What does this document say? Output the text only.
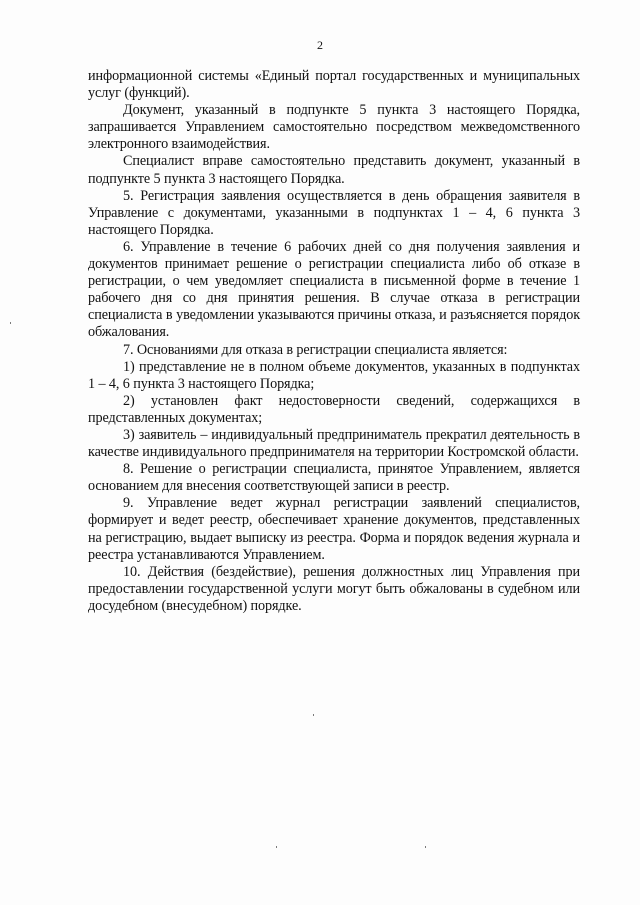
2

информационной системы «Единый портал государственных и муниципальных услуг (функций).

Документ, указанный в подпункте 5 пункта 3 настоящего Порядка, запрашивается Управлением самостоятельно посредством межведомственного электронного взаимодействия.

Специалист вправе самостоятельно представить документ, указанный в подпункте 5 пункта 3 настоящего Порядка.

5. Регистрация заявления осуществляется в день обращения заявителя в Управление с документами, указанными в подпунктах 1 – 4, 6 пункта 3 настоящего Порядка.

6. Управление в течение 6 рабочих дней со дня получения заявления и документов принимает решение о регистрации специалиста либо об отказе в регистрации, о чем уведомляет специалиста в письменной форме в течение 1 рабочего дня со дня принятия решения. В случае отказа в регистрации специалиста в уведомлении указываются причины отказа, и разъясняется порядок обжалования.

7. Основаниями для отказа в регистрации специалиста является:

1) представление не в полном объеме документов, указанных в подпунктах 1 – 4, 6 пункта 3 настоящего Порядка;

2) установлен факт недостоверности сведений, содержащихся в представленных документах;

3) заявитель – индивидуальный предприниматель прекратил деятельность в качестве индивидуального предпринимателя на территории Костромской области.

8. Решение о регистрации специалиста, принятое Управлением, является основанием для внесения соответствующей записи в реестр.

9. Управление ведет журнал регистрации заявлений специалистов, формирует и ведет реестр, обеспечивает хранение документов, представленных на регистрацию, выдает выписку из реестра. Форма и порядок ведения журнала и реестра устанавливаются Управлением.

10. Действия (бездействие), решения должностных лиц Управления при предоставлении государственной услуги могут быть обжалованы в судебном или досудебном (внесудебном) порядке.
